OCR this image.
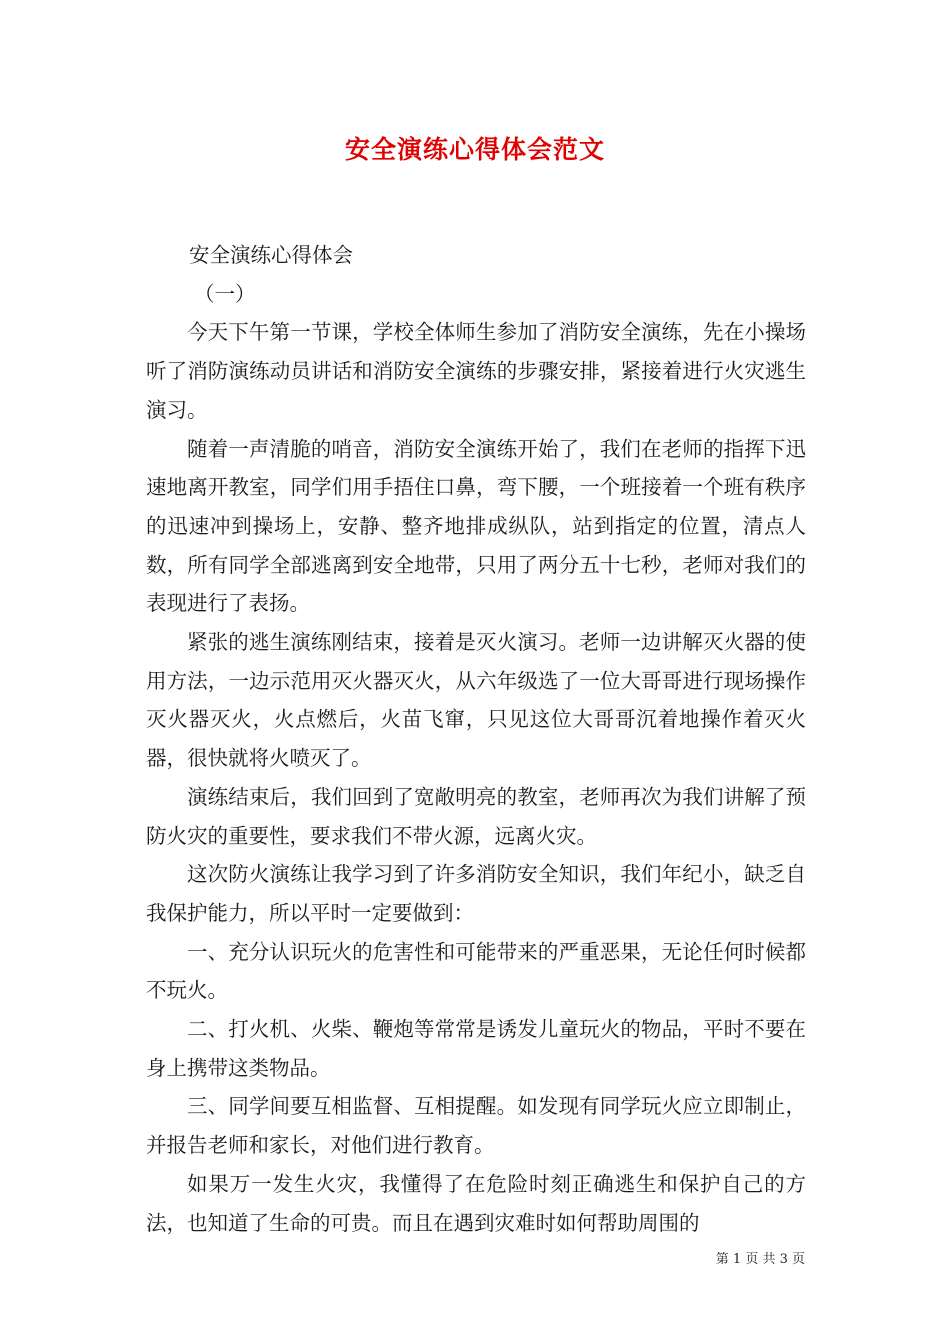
安全演练心得体会范文

安全演练心得体会

（一）

今天下午第一节课，学校全体师生参加了消防安全演练，先在小操场听了消防演练动员讲话和消防安全演练的步骤安排，紧接着进行火灾逃生演习。

随着一声清脆的哨音，消防安全演练开始了，我们在老师的指挥下迅速地离开教室，同学们用手捂住口鼻，弯下腰，一个班接着一个班有秩序的迅速冲到操场上，安静、整齐地排成纵队，站到指定的位置，清点人数，所有同学全部逃离到安全地带，只用了两分五十七秒，老师对我们的表现进行了表扬。

紧张的逃生演练刚结束，接着是灭火演习。老师一边讲解灭火器的使用方法，一边示范用灭火器灭火，从六年级选了一位大哥哥进行现场操作灭火器灭火，火点燃后，火苗飞窜，只见这位大哥哥沉着地操作着灭火器，很快就将火喷灭了。

演练结束后，我们回到了宽敞明亮的教室，老师再次为我们讲解了预防火灾的重要性，要求我们不带火源，远离火灾。

这次防火演练让我学习到了许多消防安全知识，我们年纪小，缺乏自我保护能力，所以平时一定要做到：

一、充分认识玩火的危害性和可能带来的严重恶果，无论任何时候都不玩火。

二、打火机、火柴、鞭炮等常常是诱发儿童玩火的物品，平时不要在身上携带这类物品。

三、同学间要互相监督、互相提醒。如发现有同学玩火应立即制止，并报告老师和家长，对他们进行教育。

如果万一发生火灾，我懂得了在危险时刻正确逃生和保护自己的方法，也知道了生命的可贵。而且在遇到灾难时如何帮助周围的

第 1 页 共 3 页
